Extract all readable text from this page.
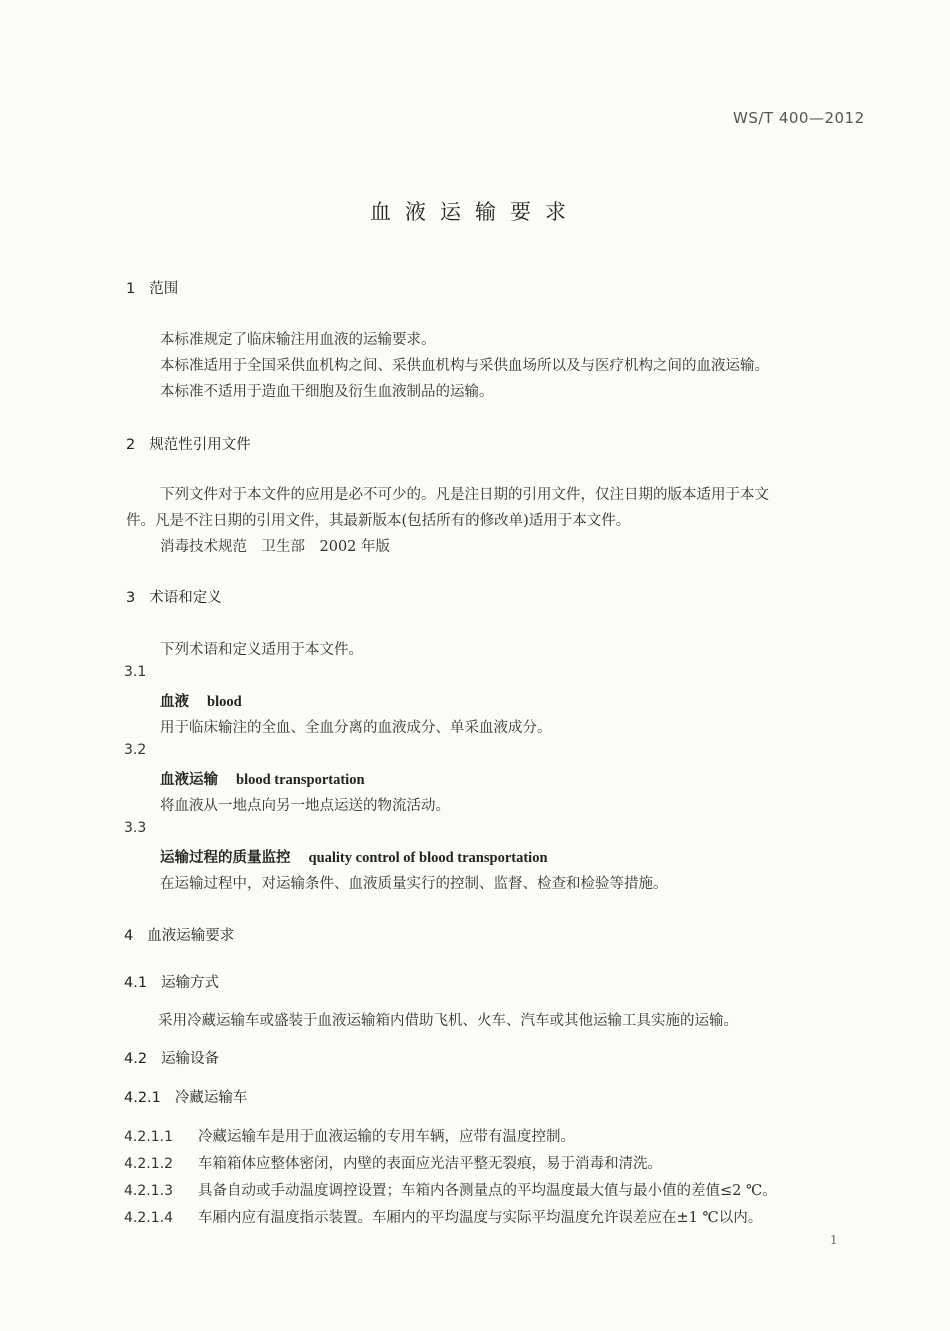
WS/T 400—2012
血液运输要求
1 范围
本标准规定了临床输注用血液的运输要求。
本标准适用于全国采供血机构之间、采供血机构与采供血场所以及与医疗机构之间的血液运输。
本标准不适用于造血干细胞及衍生血液制品的运输。
2 规范性引用文件
下列文件对于本文件的应用是必不可少的。凡是注日期的引用文件，仅注日期的版本适用于本文
件。凡是不注日期的引用文件，其最新版本(包括所有的修改单)适用于本文件。
消毒技术规范　卫生部　2002 年版
3 术语和定义
下列术语和定义适用于本文件。
3.1
血液 blood
用于临床输注的全血、全血分离的血液成分、单采血液成分。
3.2
血液运输 blood transportation
将血液从一地点向另一地点运送的物流活动。
3.3
运输过程的质量监控 quality control of blood transportation
在运输过程中，对运输条件、血液质量实行的控制、监督、检查和检验等措施。
4 血液运输要求
4.1 运输方式
采用冷藏运输车或盛装于血液运输箱内借助飞机、火车、汽车或其他运输工具实施的运输。
4.2 运输设备
4.2.1 冷藏运输车
4.2.1.1 冷藏运输车是用于血液运输的专用车辆，应带有温度控制。
4.2.1.2 车箱箱体应整体密闭，内壁的表面应光洁平整无裂痕，易于消毒和清洗。
4.2.1.3 具备自动或手动温度调控设置；车箱内各测量点的平均温度最大值与最小值的差值≤2 ℃。
4.2.1.4 车厢内应有温度指示装置。车厢内的平均温度与实际平均温度允许误差应在±1 ℃以内。
1
